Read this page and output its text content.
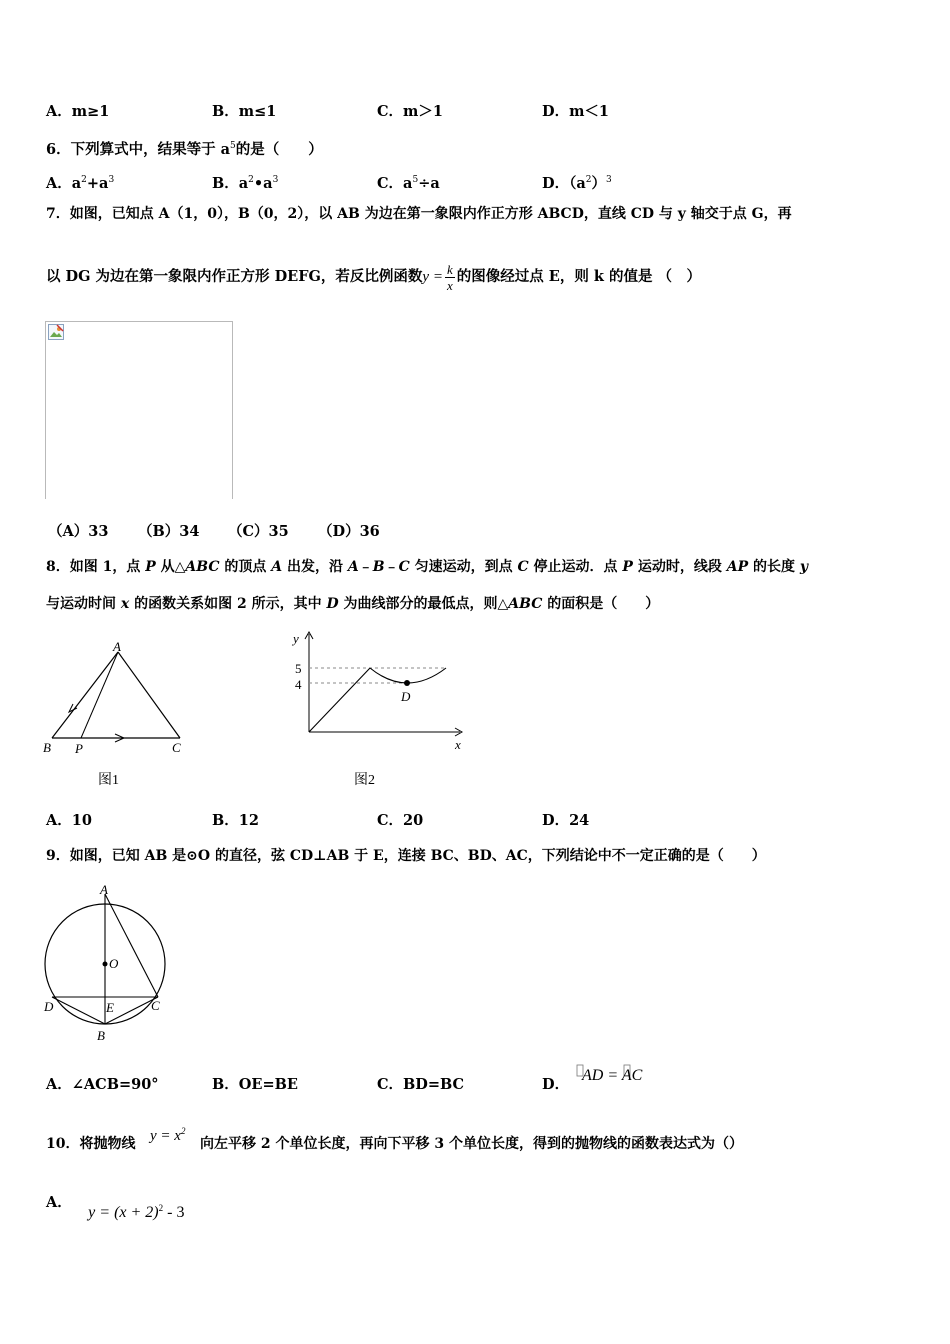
A．m≥1	B．m≤1	C．m＞1	D．m＜1
6．下列算式中，结果等于 $a^5$的是（　　）
A．$a^2+a^3$	B．$a^2•a^3$	C．$a^5\div a$	D．$(a^2)^3$
7．如图，已知点 A（1，0），B（0，2），以 AB 为边在第一象限内作正方形 ABCD，直线 CD 与 y 轴交于点 G，再
以 DG 为边在第一象限内作正方形 DEFG，若反比例函数$y = \frac{k}{x}$ 的图像经过点 E，则 k 的值是 （　）
（A）33 （B）34 （C）35 （D）36
8．如图 1，点 P 从△ABC 的顶点 A 出发，沿 A﹣B﹣C 匀速运动，到点 C 停止运动．点 P 运动时，线段 AP 的长度 y
与运动时间 x 的函数关系如图 2 所示，其中 D 为曲线部分的最低点，则△ABC 的面积是（　　）
A
B P	C
图1
y
x
5
4
D
图2
A．10	B．12	C．20	D．24
9．如图，已知 AB 是⊙O 的直径，弦 CD⊥AB 于 E，连接 BC、BD、AC，下列结论中不一定正确的是（　　）
A
O
D	E	C
B
A．∠ACB=90°	B．OE=BE	C．BD=BC	D．
AD = AC
10．将抛物线 $y = x^2$
向左平移 2 个单位长度，再向下平移 3 个单位长度，得到的抛物线的函数表达式为（）
A．

$y = (x + 2)^2 - 3$
